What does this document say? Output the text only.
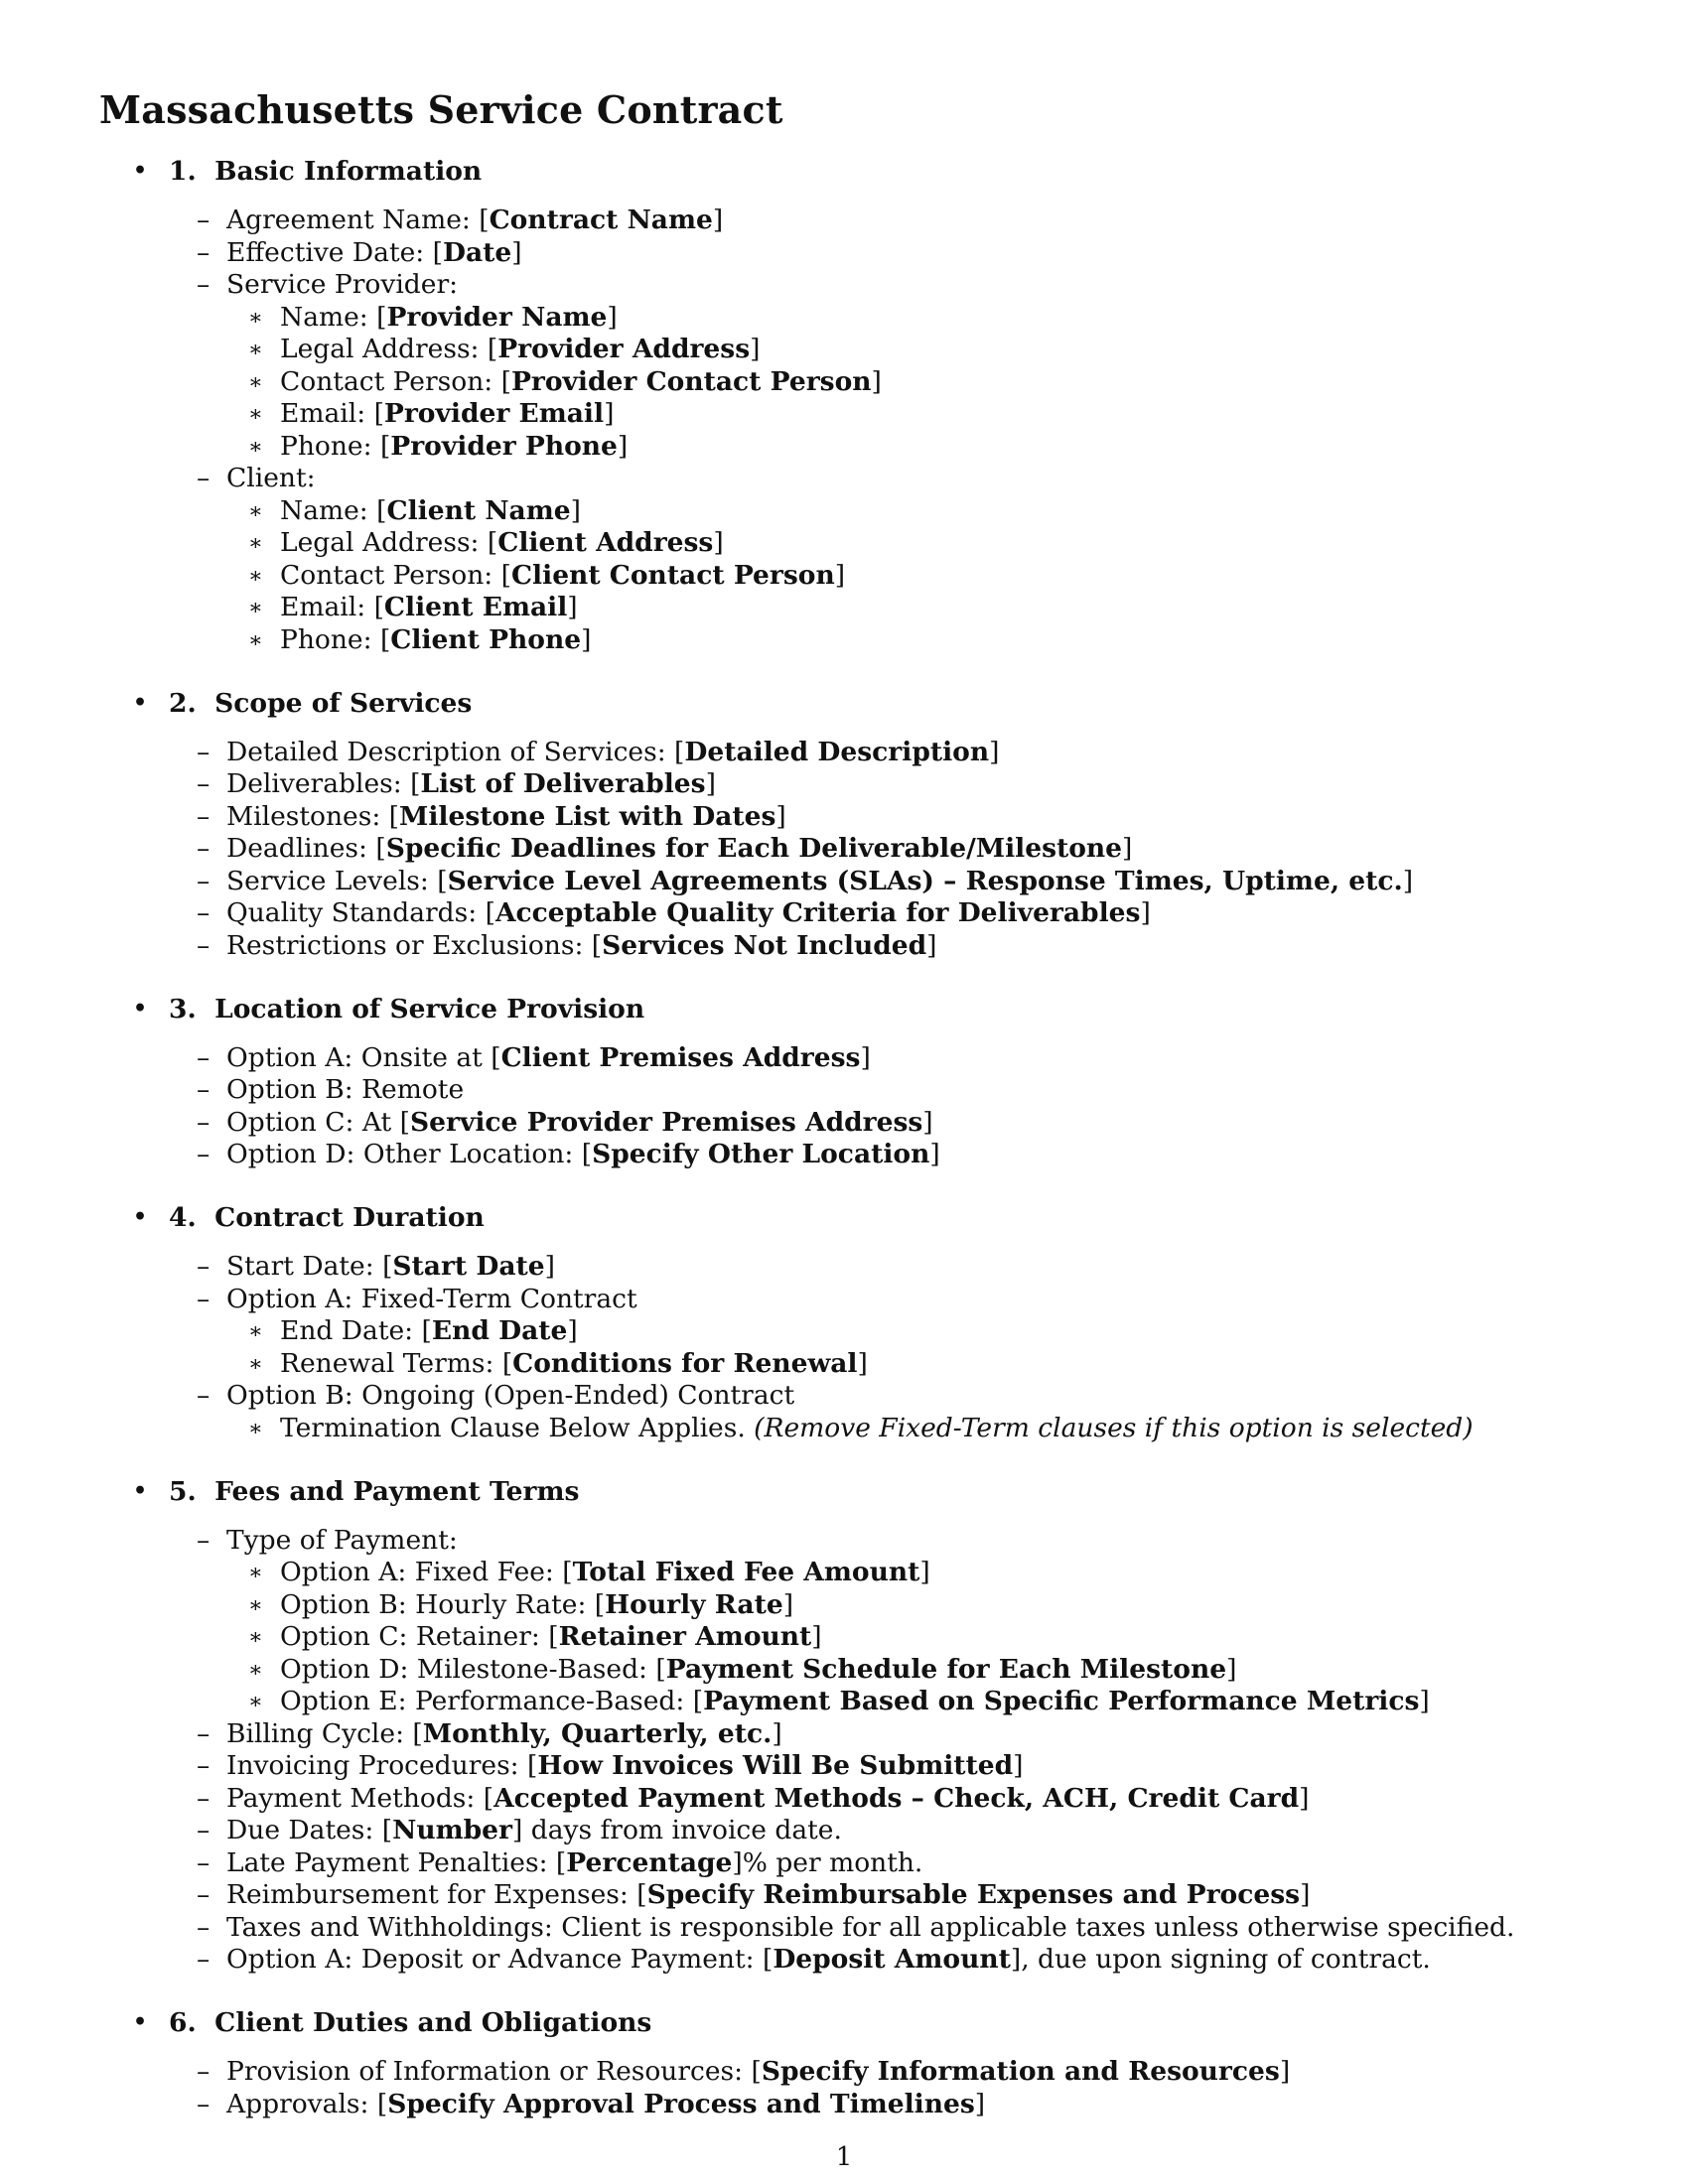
Massachusetts Service Contract
• 1. Basic Information
– Agreement Name: [Contract Name]
– Effective Date: [Date]
– Service Provider:
∗ Name: [Provider Name]
∗ Legal Address: [Provider Address]
∗ Contact Person: [Provider Contact Person]
∗ Email: [Provider Email]
∗ Phone: [Provider Phone]
– Client:
∗ Name: [Client Name]
∗ Legal Address: [Client Address]
∗ Contact Person: [Client Contact Person]
∗ Email: [Client Email]
∗ Phone: [Client Phone]
• 2. Scope of Services
– Detailed Description of Services: [Detailed Description]
– Deliverables: [List of Deliverables]
– Milestones: [Milestone List with Dates]
– Deadlines: [Specific Deadlines for Each Deliverable/Milestone]
– Service Levels: [Service Level Agreements (SLAs) – Response Times, Uptime, etc.]
– Quality Standards: [Acceptable Quality Criteria for Deliverables]
– Restrictions or Exclusions: [Services Not Included]
• 3. Location of Service Provision
– Option A: Onsite at [Client Premises Address]
– Option B: Remote
– Option C: At [Service Provider Premises Address]
– Option D: Other Location: [Specify Other Location]
• 4. Contract Duration
– Start Date: [Start Date]
– Option A: Fixed-Term Contract
∗ End Date: [End Date]
∗ Renewal Terms: [Conditions for Renewal]
– Option B: Ongoing (Open-Ended) Contract
∗ Termination Clause Below Applies. (Remove Fixed-Term clauses if this option is selected)
• 5. Fees and Payment Terms
– Type of Payment:
∗ Option A: Fixed Fee: [Total Fixed Fee Amount]
∗ Option B: Hourly Rate: [Hourly Rate]
∗ Option C: Retainer: [Retainer Amount]
∗ Option D: Milestone-Based: [Payment Schedule for Each Milestone]
∗ Option E: Performance-Based: [Payment Based on Specific Performance Metrics]
– Billing Cycle: [Monthly, Quarterly, etc.]
– Invoicing Procedures: [How Invoices Will Be Submitted]
– Payment Methods: [Accepted Payment Methods – Check, ACH, Credit Card]
– Due Dates: [Number] days from invoice date.
– Late Payment Penalties: [Percentage]% per month.
– Reimbursement for Expenses: [Specify Reimbursable Expenses and Process]
– Taxes and Withholdings: Client is responsible for all applicable taxes unless otherwise specified.
– Option A: Deposit or Advance Payment: [Deposit Amount], due upon signing of contract.
• 6. Client Duties and Obligations
– Provision of Information or Resources: [Specify Information and Resources]
– Approvals: [Specify Approval Process and Timelines]
1
